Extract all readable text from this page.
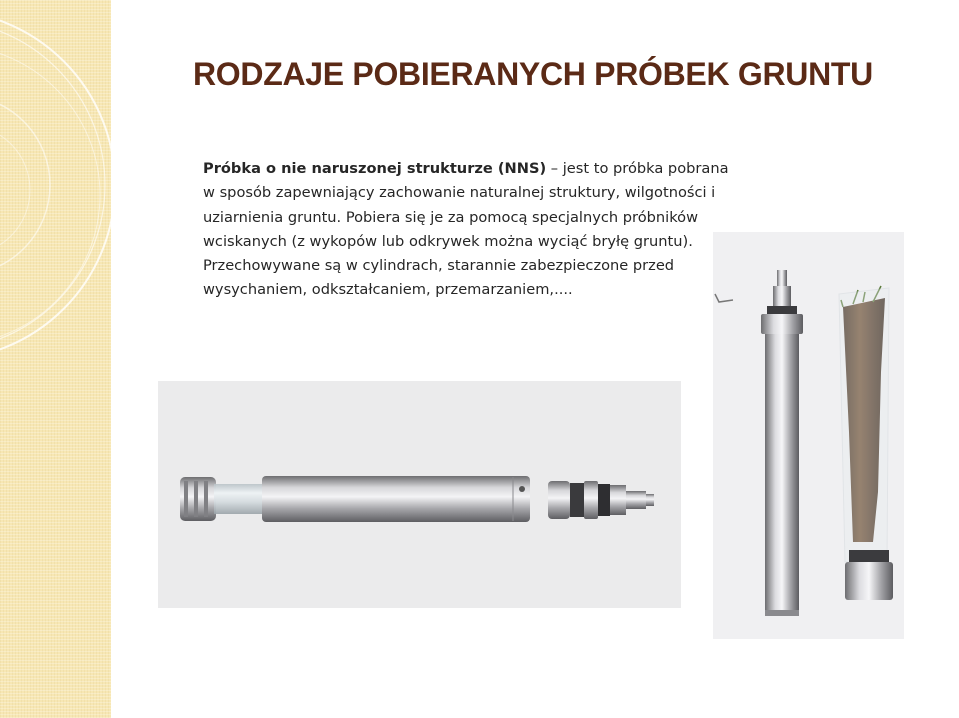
RODZAJE POBIERANYCH PRÓBEK GRUNTU
Próbka o nie naruszonej strukturze (NNS) – jest to próbka pobrana w sposób zapewniający zachowanie naturalnej struktury, wilgotności i uziarnienia gruntu. Pobiera się je za pomocą specjalnych próbników wciskanych (z wykopów lub odkrywek można wyciąć bryłę gruntu). Przechowywane są w cylindrach, starannie zabezpieczone przed wysychaniem, odkształcaniem, przemarzaniem,....
